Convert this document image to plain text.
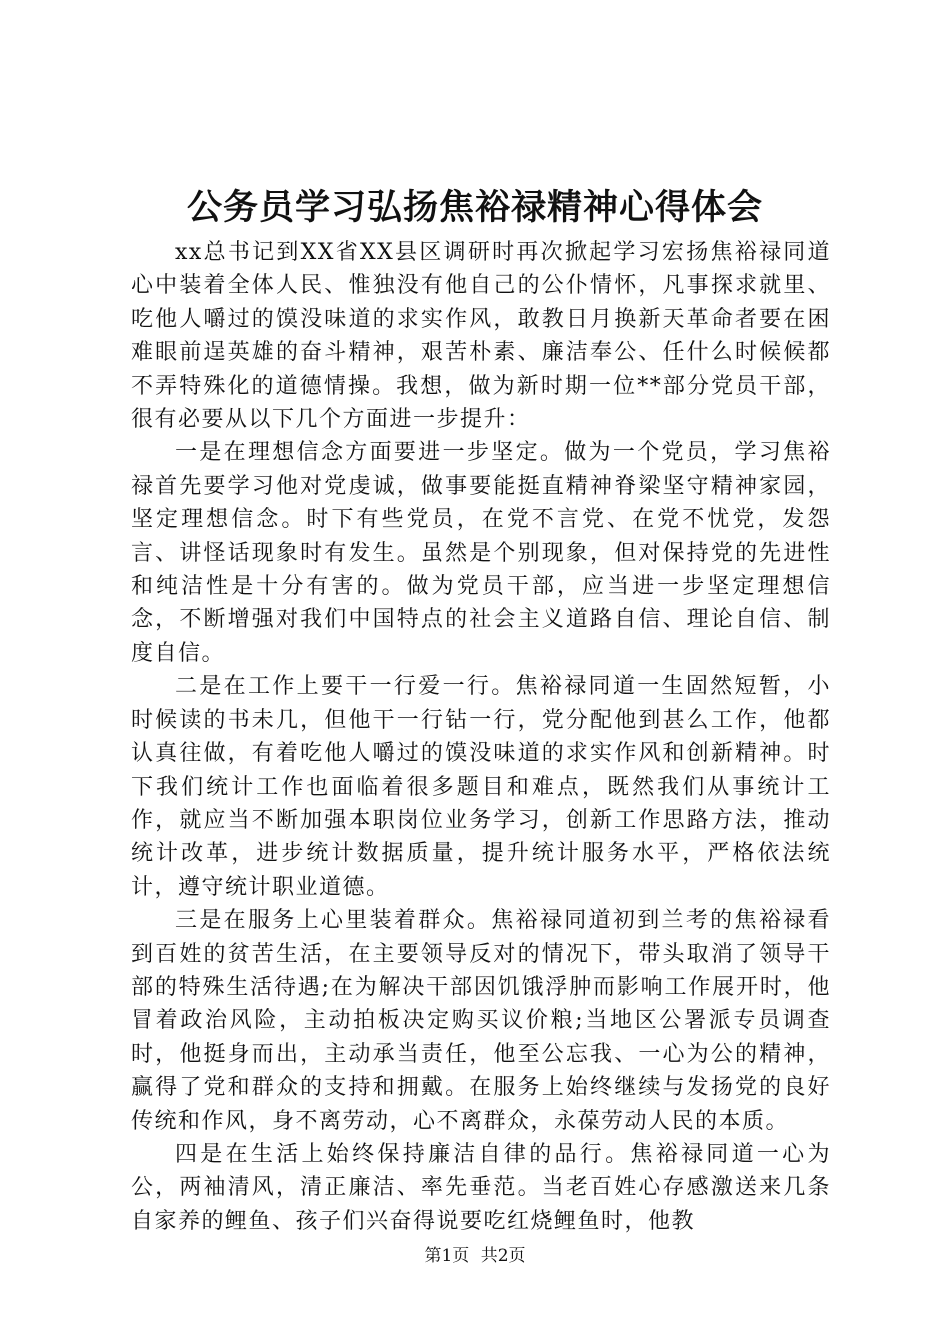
公务员学习弘扬焦裕禄精神心得体会

xx总书记到XX省XX县区调研时再次掀起学习宏扬焦裕禄同道心中装着全体人民、惟独没有他自己的公仆情怀，凡事探求就里、吃他人嚼过的馍没味道的求实作风，敢教日月换新天革命者要在困难眼前逞英雄的奋斗精神，艰苦朴素、廉洁奉公、任什么时候候都不弄特殊化的道德情操。我想，做为新时期一位**部分党员干部，很有必要从以下几个方面进一步提升：

一是在理想信念方面要进一步坚定。做为一个党员，学习焦裕禄首先要学习他对党虔诚，做事要能挺直精神脊梁坚守精神家园，坚定理想信念。时下有些党员，在党不言党、在党不忧党，发怨言、讲怪话现象时有发生。虽然是个别现象，但对保持党的先进性和纯洁性是十分有害的。做为党员干部，应当进一步坚定理想信念，不断增强对我们中国特点的社会主义道路自信、理论自信、制度自信。

二是在工作上要干一行爱一行。焦裕禄同道一生固然短暂，小时候读的书未几，但他干一行钻一行，党分配他到甚么工作，他都认真往做，有着吃他人嚼过的馍没味道的求实作风和创新精神。时下我们统计工作也面临着很多题目和难点，既然我们从事统计工作，就应当不断加强本职岗位业务学习，创新工作思路方法，推动统计改革，进步统计数据质量，提升统计服务水平，严格依法统计，遵守统计职业道德。

三是在服务上心里装着群众。焦裕禄同道初到兰考的焦裕禄看到百姓的贫苦生活，在主要领导反对的情况下，带头取消了领导干部的特殊生活待遇;在为解决干部因饥饿浮肿而影响工作展开时，他冒着政治风险，主动拍板决定购买议价粮;当地区公署派专员调查时，他挺身而出，主动承当责任，他至公忘我、一心为公的精神，赢得了党和群众的支持和拥戴。在服务上始终继续与发扬党的良好传统和作风，身不离劳动，心不离群众，永葆劳动人民的本质。

四是在生活上始终保持廉洁自律的品行。焦裕禄同道一心为公，两袖清风，清正廉洁、率先垂范。当老百姓心存感激送来几条自家养的鲤鱼、孩子们兴奋得说要吃红烧鲤鱼时，他教

第1页 共2页
